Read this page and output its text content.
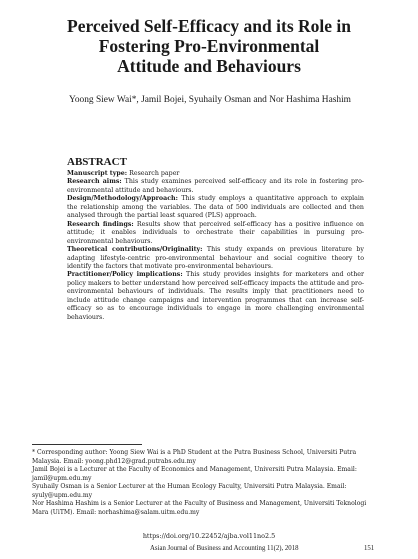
Perceived Self-Efficacy and its Role in
Fostering Pro-Environmental
Attitude and Behaviours
Yoong Siew Wai*, Jamil Bojei, Syuhaily Osman and Nor Hashima Hashim
ABSTRACT

Manuscript type: Research paper

Research aims: This study examines perceived self-efficacy and its role in fostering pro-environmental attitude and behaviours.

Design/Methodology/Approach: This study employs a quantitative approach to explain the relationship among the variables. The data of 500 individuals are collected and then analysed through the partial least squared (PLS) approach.

Research findings: Results show that perceived self-efficacy has a positive influence on attitude; it enables individuals to orchestrate their capabilities in pursuing pro-environmental behaviours.

Theoretical contributions/Originality: This study expands on previous literature by adapting lifestyle-centric pro-environmental behaviour and social cognitive theory to identify the factors that motivate pro-environmental behaviours.

Practitioner/Policy implications: This study provides insights for marketers and other policy makers to better understand how perceived self-efficacy impacts the attitude and pro-environmental behaviours of individuals. The results imply that practitioners need to include attitude change campaigns and intervention programmes that can increase self-efficacy so as to encourage individuals to engage in more challenging environmental behaviours.

* Corresponding author: Yoong Siew Wai is a PhD Student at the Putra Business School, Universiti Putra Malaysia. Email: yoong.phd12@grad.putrabs.edu.my

Jamil Bojei is a Lecturer at the Faculty of Economics and Management, Universiti Putra Malaysia. Email: jamil@upm.edu.my

Syuhaily Osman is a Senior Lecturer at the Human Ecology Faculty, Universiti Putra Malaysia. Email: syuly@upm.edu.my

Nor Hashima Hashim is a Senior Lecturer at the Faculty of Business and Management, Universiti Teknologi Mara (UiTM). Email: norhashima@salam.uitm.edu.my

https://doi.org/10.22452/ajba.vol11no2.5
Asian Journal of Business and Accounting 11(2), 2018	151
